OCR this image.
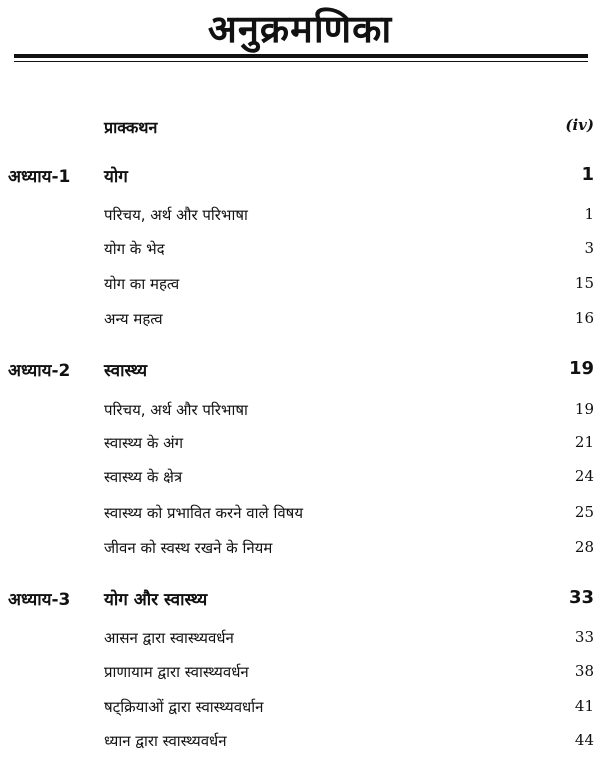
अनुक्रमणिका
प्राक्कथन	(iv)
अध्याय-1 योग	1
परिचय, अर्थ और परिभाषा	1
योग के भेद	3
योग का महत्व	15
अन्य महत्व	16
अध्याय-2 स्वास्थ्य	19
परिचय, अर्थ और परिभाषा	19
स्वास्थ्य के अंग	21
स्वास्थ्य के क्षेत्र	24
स्वास्थ्य को प्रभावित करने वाले विषय	25
जीवन को स्वस्थ रखने के नियम	28
अध्याय-3 योग और स्वास्थ्य	33
आसन द्वारा स्वास्थ्यवर्धन	33
प्राणायाम द्वारा स्वास्थ्यवर्धन	38
षट्क्रियाओं द्वारा स्वास्थ्यवर्धान	41
ध्यान द्वारा स्वास्थ्यवर्धन	44
